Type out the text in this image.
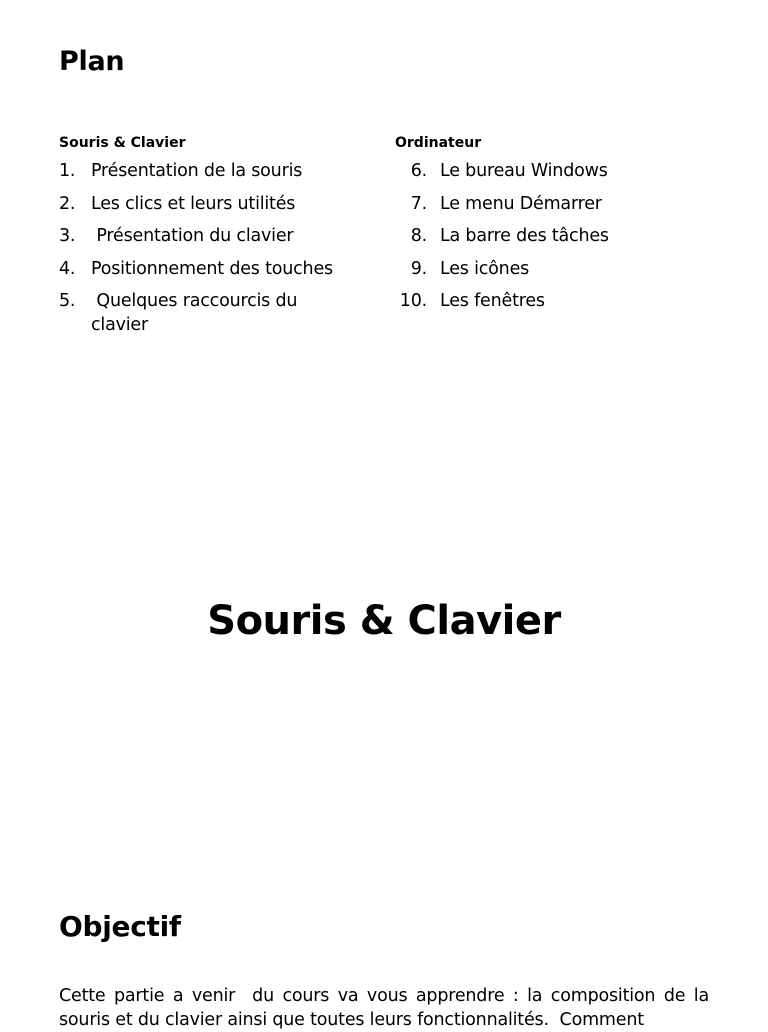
Plan
Souris & Clavier
1. Présentation de la souris
2. Les clics et leurs utilités
3. Présentation du clavier
4. Positionnement des touches
5. Quelques raccourcis du clavier
Ordinateur
6. Le bureau Windows
7. Le menu Démarrer
8. La barre des tâches
9. Les icônes
10. Les fenêtres
Souris & Clavier
Objectif

Cette partie a venir  du cours va vous apprendre : la composition de la souris et du clavier ainsi que toutes leurs fonctionnalités.  Comment
